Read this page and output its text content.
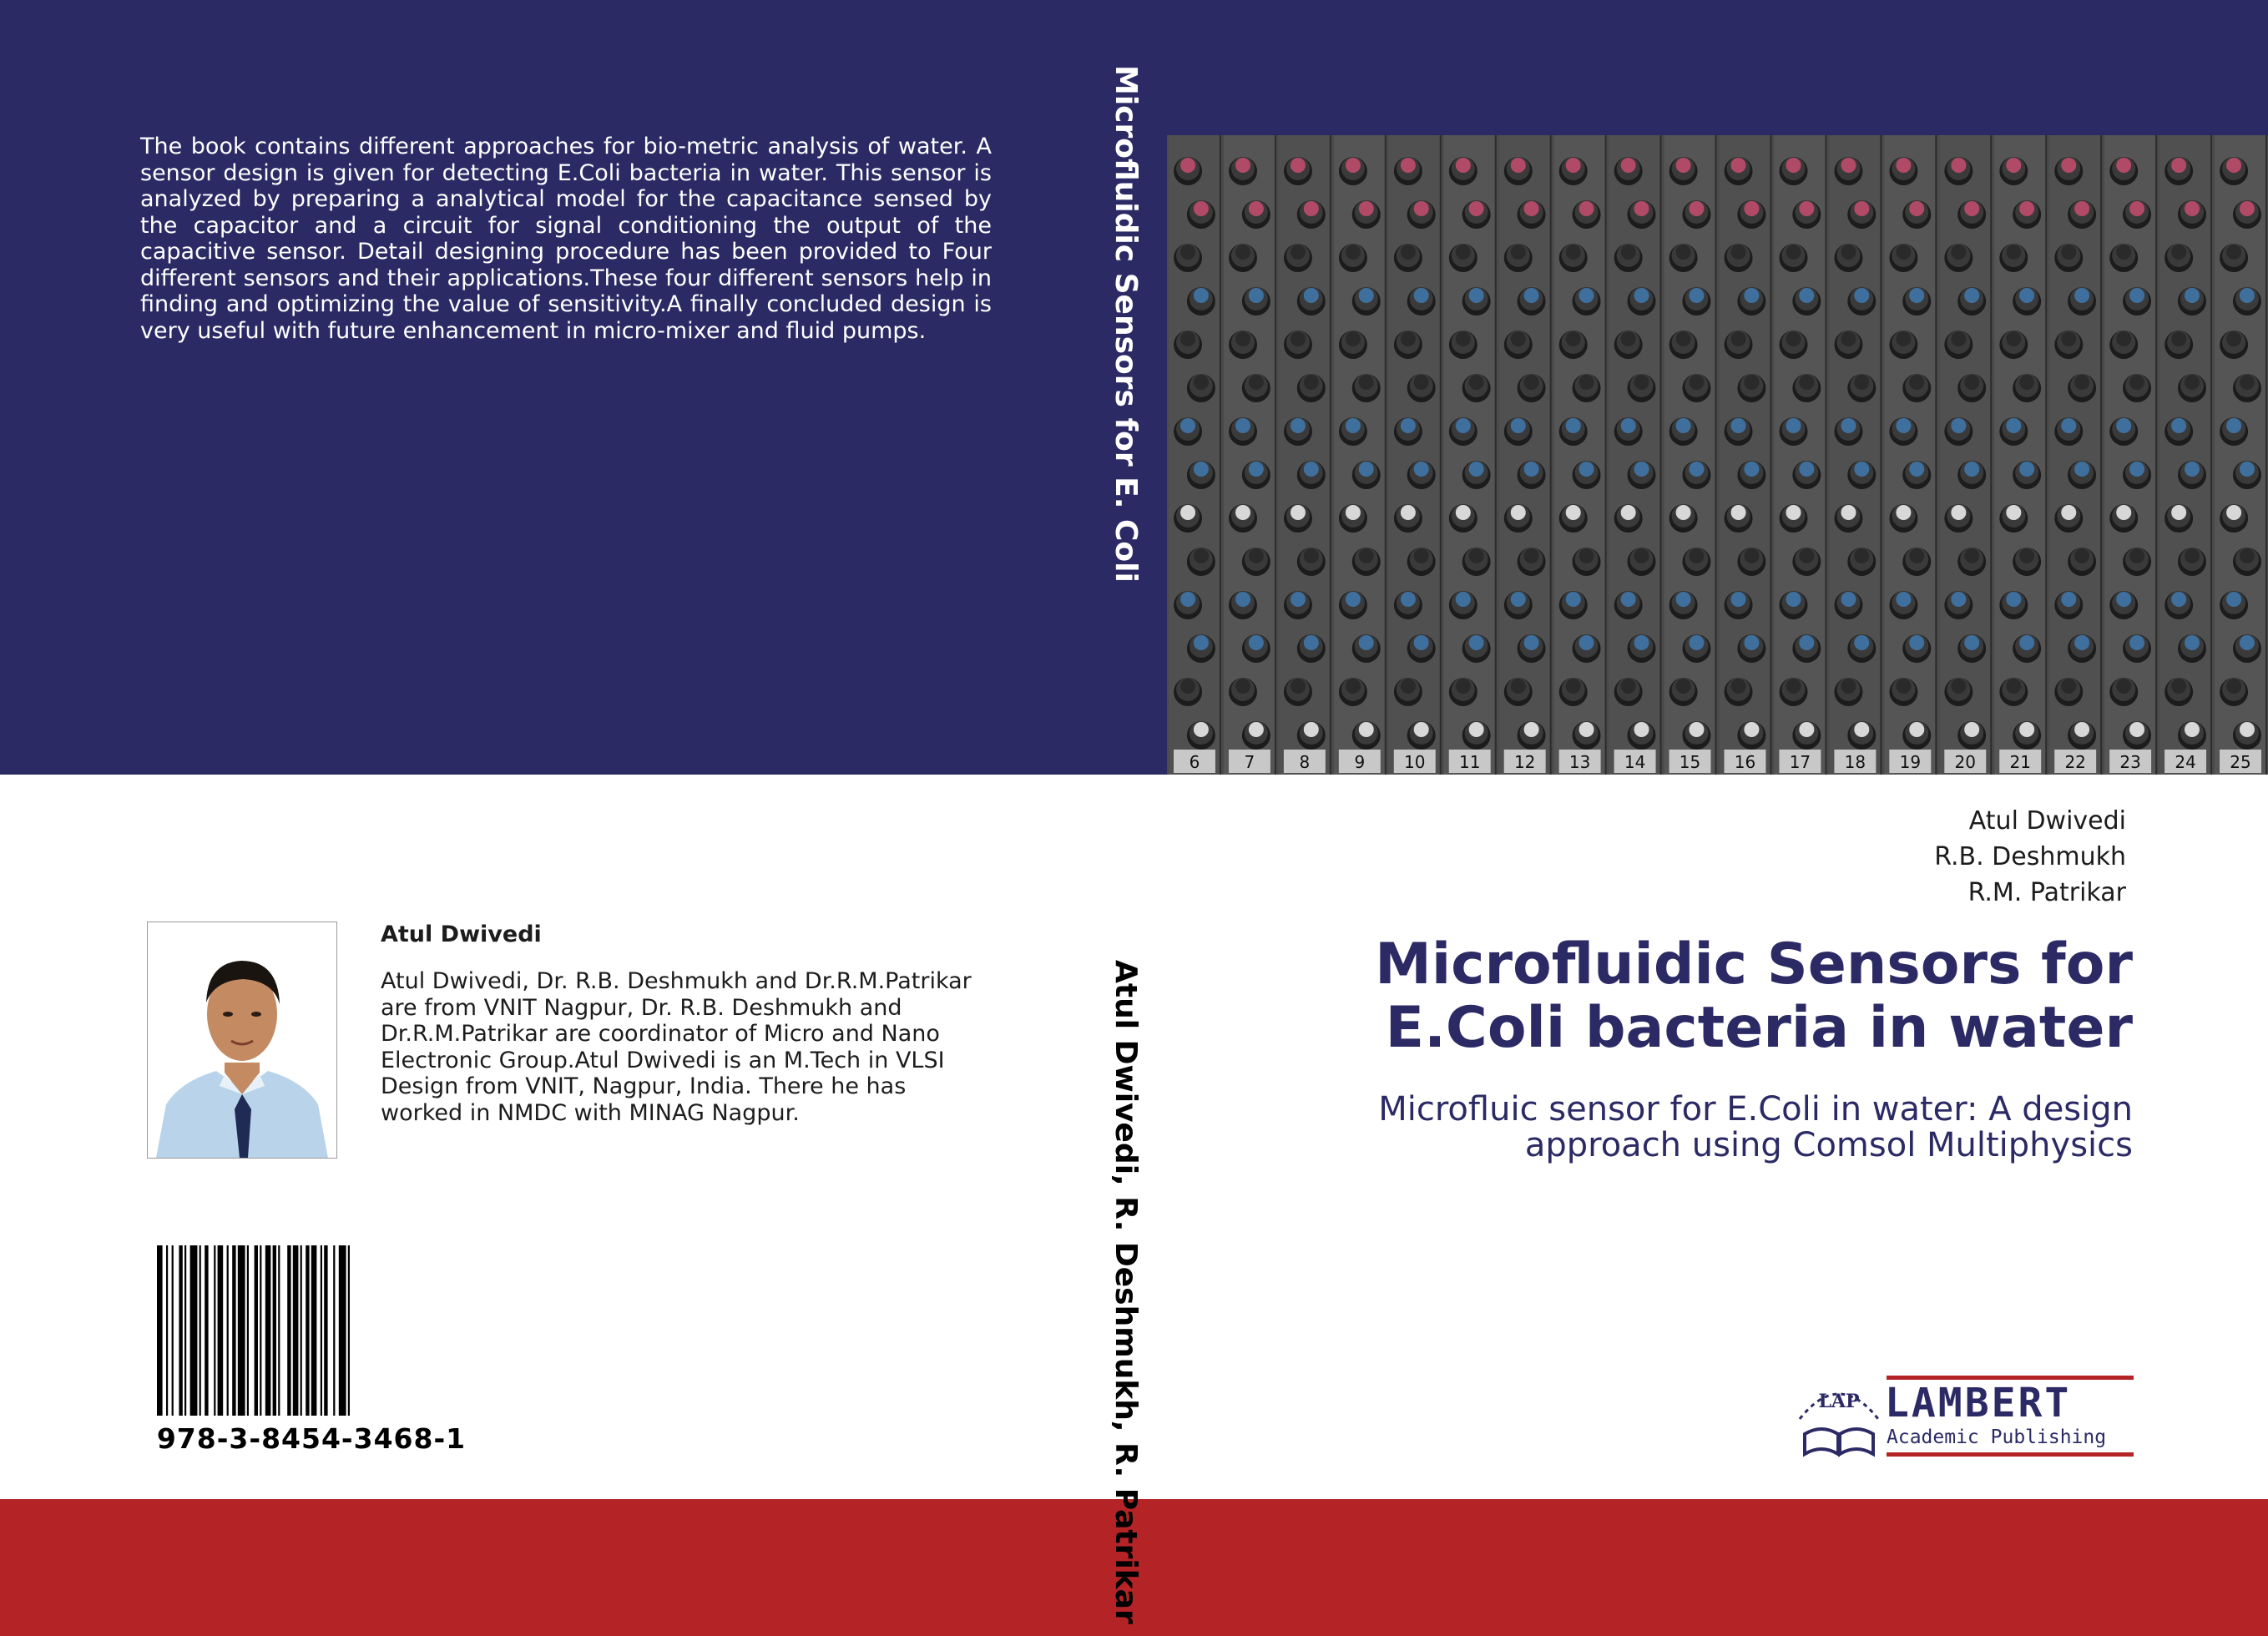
The book contains different approaches for bio-metric analysis of water. A sensor design is given for detecting E.Coli bacteria in water. This sensor is analyzed by preparing a analytical model for the capacitance sensed by the capacitor and a circuit for signal conditioning the output of the capacitive sensor. Detail designing procedure has been provided to Four different sensors and their applications.These four different sensors help in finding and optimizing the value of sensitivity.A finally concluded design is very useful with future enhancement in micro-mixer and fluid pumps.	Microfluidic Sensors for E. Coli
Atul Dwivedi, R. Deshmukh, R. Patrikar
6	7	8	9 10 11 12 13 14 15 16 17 18 19 20 21 22 23 24 25
Atul Dwivedi
R.B. Deshmukh
R.M. Patrikar
Microfluidic Sensors for E.Coli bacteria in water
Microfluic sensor for E.Coli in water: A design approach using Comsol Multiphysics
Atul Dwivedi
Atul Dwivedi, Dr. R.B. Deshmukh and Dr.R.M.Patrikar are from VNIT Nagpur, Dr. R.B. Deshmukh and Dr.R.M.Patrikar are coordinator of Micro and Nano Electronic Group.Atul Dwivedi is an M.Tech in VLSI Design from VNIT, Nagpur, India. There he has worked in NMDC with MINAG Nagpur.
978-3-8454-3468-1
LAP LAMBERT
Academic Publishing
